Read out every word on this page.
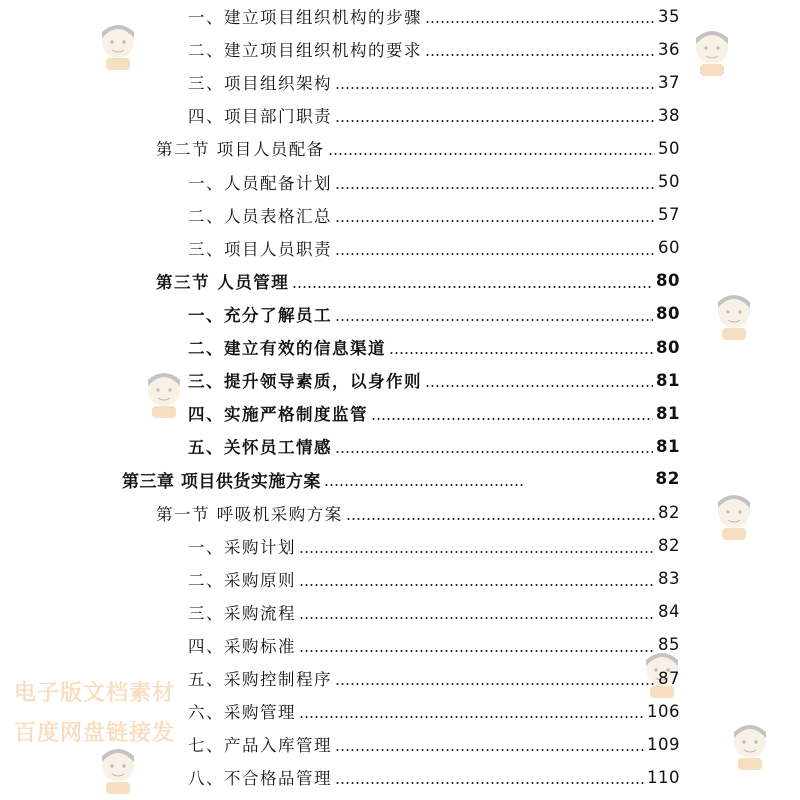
电子版文档素材
百度网盘链接发
一、建立项目组织机构的步骤	35
二、建立项目组织机构的要求	36
三、项目组织架构	37
四、项目部门职责	38
第二节 项目人员配备	50
一、人员配备计划	50
二、人员表格汇总	57
三、项目人员职责	60
第三节 人员管理	80
一、充分了解员工	80
二、建立有效的信息渠道	80
三、提升领导素质，以身作则	81
四、实施严格制度监管	81
五、关怀员工情感	81
第三章 项目供货实施方案	82
第一节 呼吸机采购方案	82
一、采购计划	82
二、采购原则	83
三、采购流程	84
四、采购标准	85
五、采购控制程序	87
六、采购管理	106
七、产品入库管理	109
八、不合格品管理	110
